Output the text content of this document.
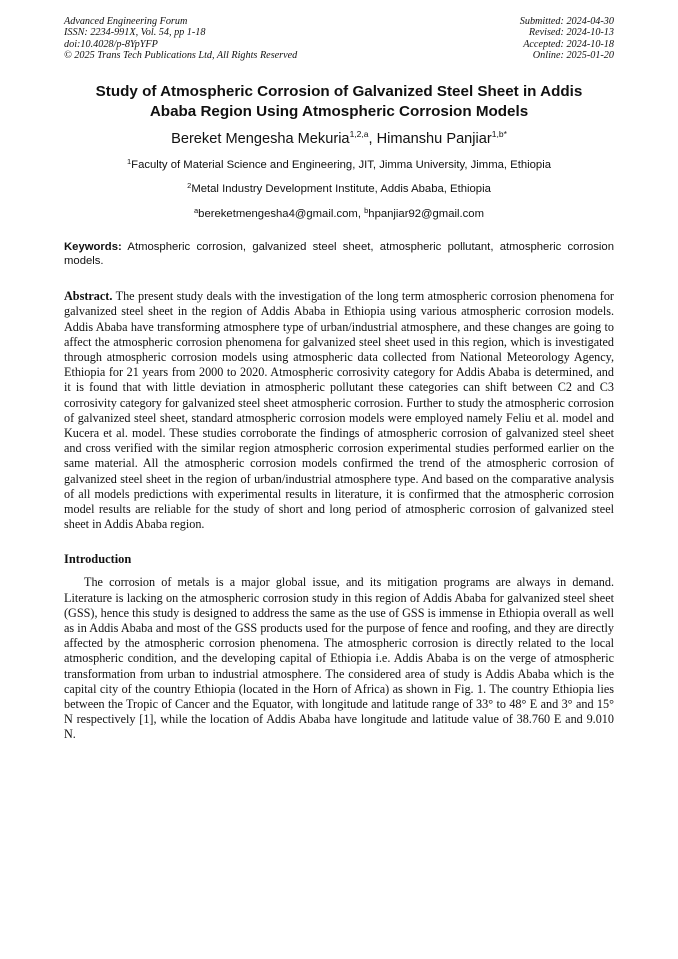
Advanced Engineering Forum
ISSN: 2234-991X, Vol. 54, pp 1-18
doi:10.4028/p-8YpYFP
© 2025 Trans Tech Publications Ltd, All Rights Reserved
Submitted: 2024-04-30
Revised: 2024-10-13
Accepted: 2024-10-18
Online: 2025-01-20
Study of Atmospheric Corrosion of Galvanized Steel Sheet in Addis Ababa Region Using Atmospheric Corrosion Models
Bereket Mengesha Mekuria$^{1,2,a}$, Himanshu Panjiar$^{1,b*}$
$^1$Faculty of Material Science and Engineering, JIT, Jimma University, Jimma, Ethiopia
$^2$Metal Industry Development Institute, Addis Ababa, Ethiopia
$^a$bereketmengesha4@gmail.com, $^b$hpanjiar92@gmail.com
Keywords: Atmospheric corrosion, galvanized steel sheet, atmospheric pollutant, atmospheric corrosion models.
Abstract. The present study deals with the investigation of the long term atmospheric corrosion phenomena for galvanized steel sheet in the region of Addis Ababa in Ethiopia using various atmospheric corrosion models. Addis Ababa have transforming atmosphere type of urban/industrial atmosphere, and these changes are going to affect the atmospheric corrosion phenomena for galvanized steel sheet used in this region, which is investigated through atmospheric corrosion models using atmospheric data collected from National Meteorology Agency, Ethiopia for 21 years from 2000 to 2020. Atmospheric corrosivity category for Addis Ababa is determined, and it is found that with little deviation in atmospheric pollutant these categories can shift between C2 and C3 corrosivity category for galvanized steel sheet atmospheric corrosion. Further to study the atmospheric corrosion of galvanized steel sheet, standard atmospheric corrosion models were employed namely Feliu et al. model and Kucera et al. model. These studies corroborate the findings of atmospheric corrosion of galvanized steel sheet and cross verified with the similar region atmospheric corrosion experimental studies performed earlier on the same material. All the atmospheric corrosion models confirmed the trend of the atmospheric corrosion of galvanized steel sheet in the region of urban/industrial atmosphere type. And based on the comparative analysis of all models predictions with experimental results in literature, it is confirmed that the atmospheric corrosion model results are reliable for the study of short and long period of atmospheric corrosion of galvanized steel sheet in Addis Ababa region.
Introduction
The corrosion of metals is a major global issue, and its mitigation programs are always in demand. Literature is lacking on the atmospheric corrosion study in this region of Addis Ababa for galvanized steel sheet (GSS), hence this study is designed to address the same as the use of GSS is immense in Ethiopia overall as well as in Addis Ababa and most of the GSS products used for the purpose of fence and roofing, and they are directly affected by the atmospheric corrosion phenomena. The atmospheric corrosion is directly related to the local atmospheric condition, and the developing capital of Ethiopia i.e. Addis Ababa is on the verge of atmospheric transformation from urban to industrial atmosphere. The considered area of study is Addis Ababa which is the capital city of the country Ethiopia (located in the Horn of Africa) as shown in Fig. 1. The country Ethiopia lies between the Tropic of Cancer and the Equator, with longitude and latitude range of 33° to 48° E and 3° and 15° N respectively [1], while the location of Addis Ababa have longitude and latitude value of 38.760 E and 9.010 N.
